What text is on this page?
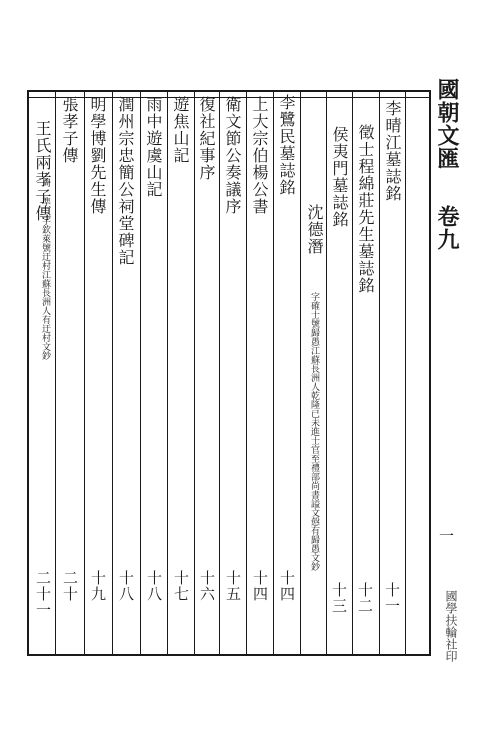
國朝文匯
卷九
一
國學扶輪社印
李晴江墓誌銘
十一
徵士程綿莊先生墓誌銘
十二
侯夷門墓誌銘
十三
沈德潛
字確士號歸愚江蘇長洲人乾隆已未進士官至禮部尚書謚文慤有歸愚文鈔
李鷺民墓誌銘
十四
上大宗伯楊公書
十四
衛文節公奏議序
十五
復社紀事序
十六
遊焦山記
十七
雨中遊虞山記
十八
潤州宗忠簡公祠堂碑記
十八
明學博劉先生傳
十九
張孝子傳
二十
王氏兩孝子傳
周 準 字欽萊號迂村江蘇長洲人有迂村文鈔
二十一
